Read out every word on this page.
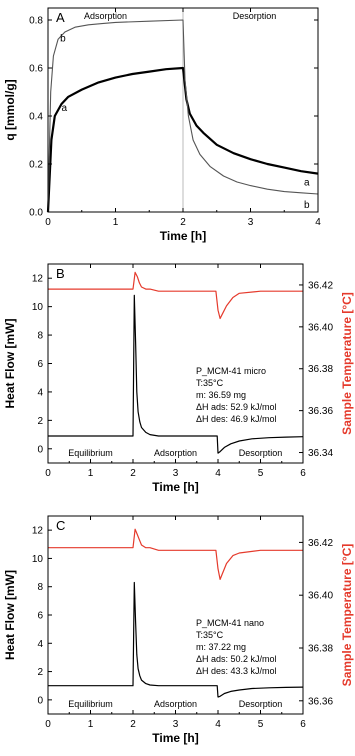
0	1	2	3	4
0.0
0.2
0.4
0.6
0.8
Time [h]
q [mmol/g]
A Adsorption	Desorption
b
a
a
b
0	1	2	3	4	5	6
0
2
4
6
8
10
12
36.34
36.36
36.38
36.40
36.42
Time [h]
Heat Flow [mW]	Sample Temperature [°C]
B
Equilibrium	Adsorption	Desorption
P_MCM-41 micro
T:35°C
m: 36.59 mg
ΔH ads: 52.9 kJ/mol
ΔH des: 46.9 kJ/mol
0	1	2	3	4	5	6
0
2
4
6
8
10
12
36.36
36.38
36.40
36.42
Time [h]
Heat Flow [mW]	Sample Temperature [°C]
C
Equilibrium	Adsorption	Desorption
P_MCM-41 nano
T:35°C
m: 37.22 mg
ΔH ads: 50.2 kJ/mol
ΔH des: 43.3 kJ/mol
